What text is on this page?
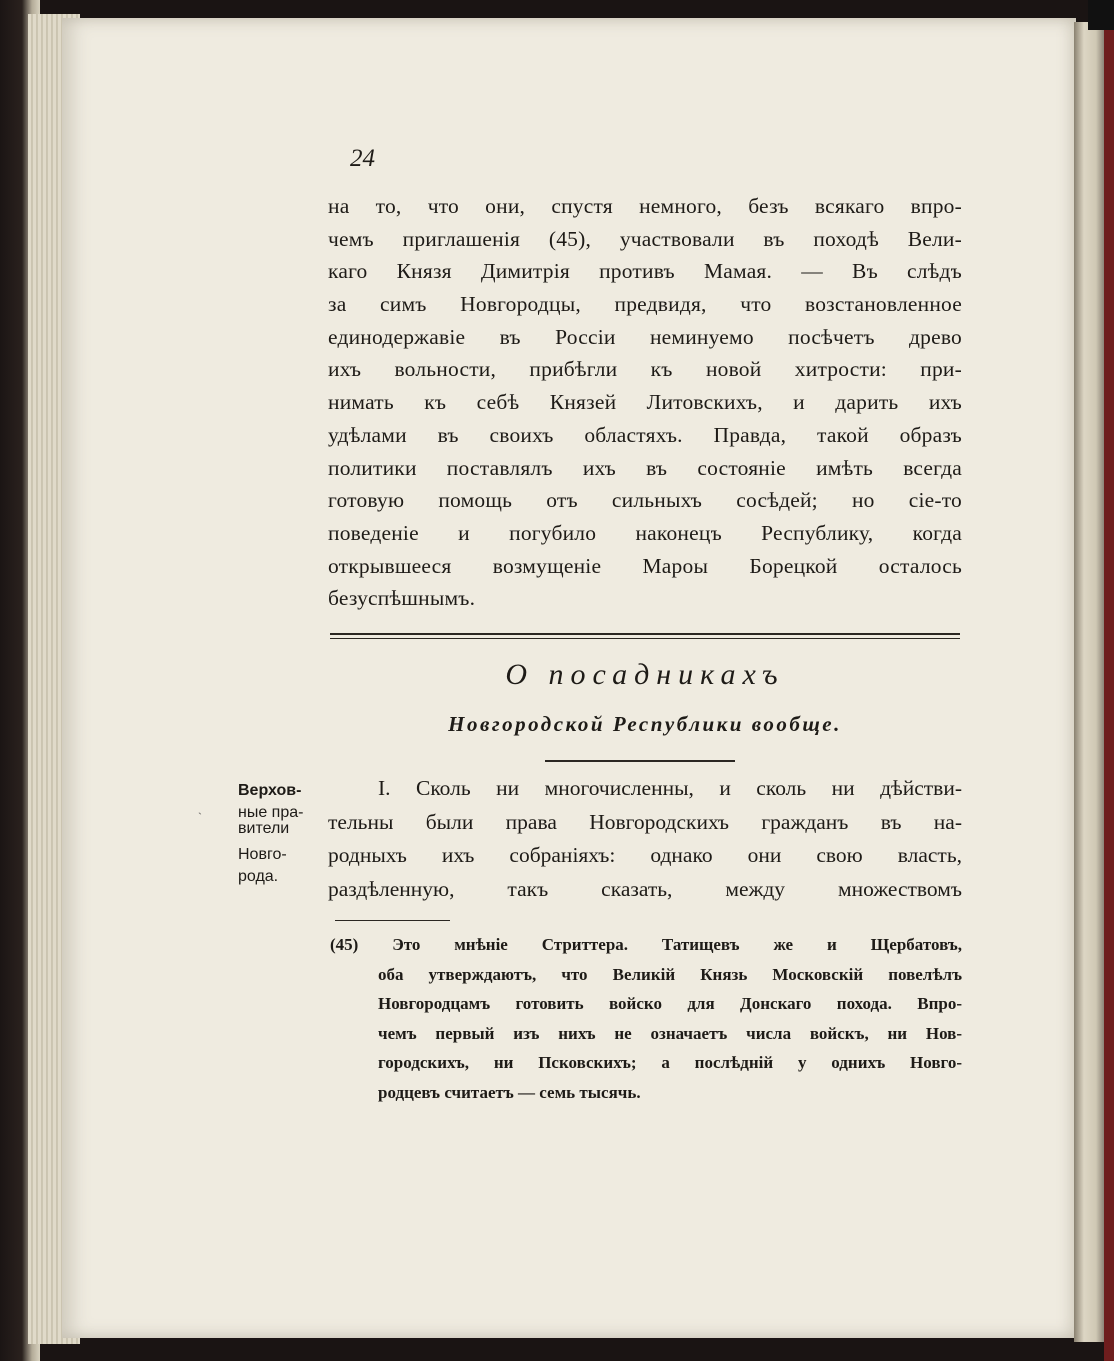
24
на то, что они, спустя немного, безъ всякаго впро-
чемъ приглашенія (45), участвовали въ походѣ Вели-
каго Князя Димитрія противъ Мамая. — Въ слѣдъ
за симъ Новгородцы, предвидя, что возстановленное
единодержавіе въ Россіи неминуемо посѣчетъ древо
ихъ вольности, прибѣгли къ новой хитрости: при-
нимать къ себѣ Князей Литовскихъ, и дарить ихъ
удѣлами въ своихъ областяхъ. Правда, такой образъ
политики поставлялъ ихъ въ состояніе имѣть всегда
готовую помощь отъ сильныхъ сосѣдей; но сіе-то
поведеніе и погубило наконецъ Республику, когда
открывшееся возмущеніе Мароы Борецкой осталось
безуспѣшнымъ.
О посадникахъ
Новгородской Республики вообще.
Верхов-
ные пра-
вители
Новго-
рода.
ˋ
I. Сколь ни многочисленны, и сколь ни дѣйстви-
тельны были права Новгородскихъ гражданъ въ на-
родныхъ ихъ собраніяхъ: однако они свою власть,
раздѣленную, такъ сказать, между множествомъ
(45) Это мнѣніе Стриттера. Татищевъ же и Щербатовъ,
оба утверждаютъ, что Великій Князь Московскій повелѣлъ
Новгородцамъ готовить войско для Донскаго похода. Впро-
чемъ первый изъ нихъ не означаетъ числа войскъ, ни Нов-
городскихъ, ни Псковскихъ; а послѣдній у однихъ Новго-
родцевъ считаетъ — семь тысячь.
